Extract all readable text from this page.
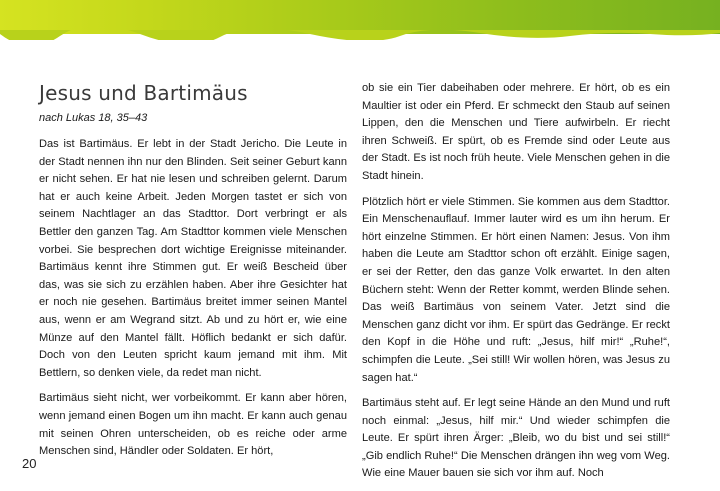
Jesus und Bartimäus

nach Lukas 18, 35–43

Das ist Bartimäus. Er lebt in der Stadt Jericho. Die Leute in der Stadt nennen ihn nur den Blinden. Seit seiner Geburt kann er nicht sehen. Er hat nie lesen und schreiben gelernt. Darum hat er auch keine Arbeit. Jeden Morgen tastet er sich von seinem Nachtlager an das Stadttor. Dort verbringt er als Bettler den ganzen Tag. Am Stadttor kommen viele Menschen vorbei. Sie besprechen dort wichtige Ereignisse miteinander. Bartimäus kennt ihre Stimmen gut. Er weiß Bescheid über das, was sie sich zu erzählen haben. Aber ihre Gesichter hat er noch nie gesehen. Bartimäus breitet immer seinen Mantel aus, wenn er am Wegrand sitzt. Ab und zu hört er, wie eine Münze auf den Mantel fällt. Höflich bedankt er sich dafür. Doch von den Leuten spricht kaum jemand mit ihm. Mit Bettlern, so denken viele, da redet man nicht.

Bartimäus sieht nicht, wer vorbeikommt. Er kann aber hören, wenn jemand einen Bogen um ihn macht. Er kann auch genau mit seinen Ohren unterscheiden, ob es reiche oder arme Menschen sind, Händler oder Soldaten. Er hört,

ob sie ein Tier dabeihaben oder mehrere. Er hört, ob es ein Maultier ist oder ein Pferd. Er schmeckt den Staub auf seinen Lippen, den die Menschen und Tiere aufwirbeln. Er riecht ihren Schweiß. Er spürt, ob es Fremde sind oder Leute aus der Stadt. Es ist noch früh heute. Viele Menschen gehen in die Stadt hinein.

Plötzlich hört er viele Stimmen. Sie kommen aus dem Stadttor. Ein Menschenauflauf. Immer lauter wird es um ihn herum. Er hört einzelne Stimmen. Er hört einen Namen: Jesus. Von ihm haben die Leute am Stadttor schon oft erzählt. Einige sagen, er sei der Retter, den das ganze Volk erwartet. In den alten Büchern steht: Wenn der Retter kommt, werden Blinde sehen. Das weiß Bartimäus von seinem Vater. Jetzt sind die Menschen ganz dicht vor ihm. Er spürt das Gedränge. Er reckt den Kopf in die Höhe und ruft: „Jesus, hilf mir!“ „Ruhe!“, schimpfen die Leute. „Sei still! Wir wollen hören, was Jesus zu sagen hat.“

Bartimäus steht auf. Er legt seine Hände an den Mund und ruft noch einmal: „Jesus, hilf mir.“ Und wieder schimpfen die Leute. Er spürt ihren Ärger: „Bleib, wo du bist und sei still!“ „Gib endlich Ruhe!“ Die Menschen drängen ihn weg vom Weg. Wie eine Mauer bauen sie sich vor ihm auf. Noch

20
